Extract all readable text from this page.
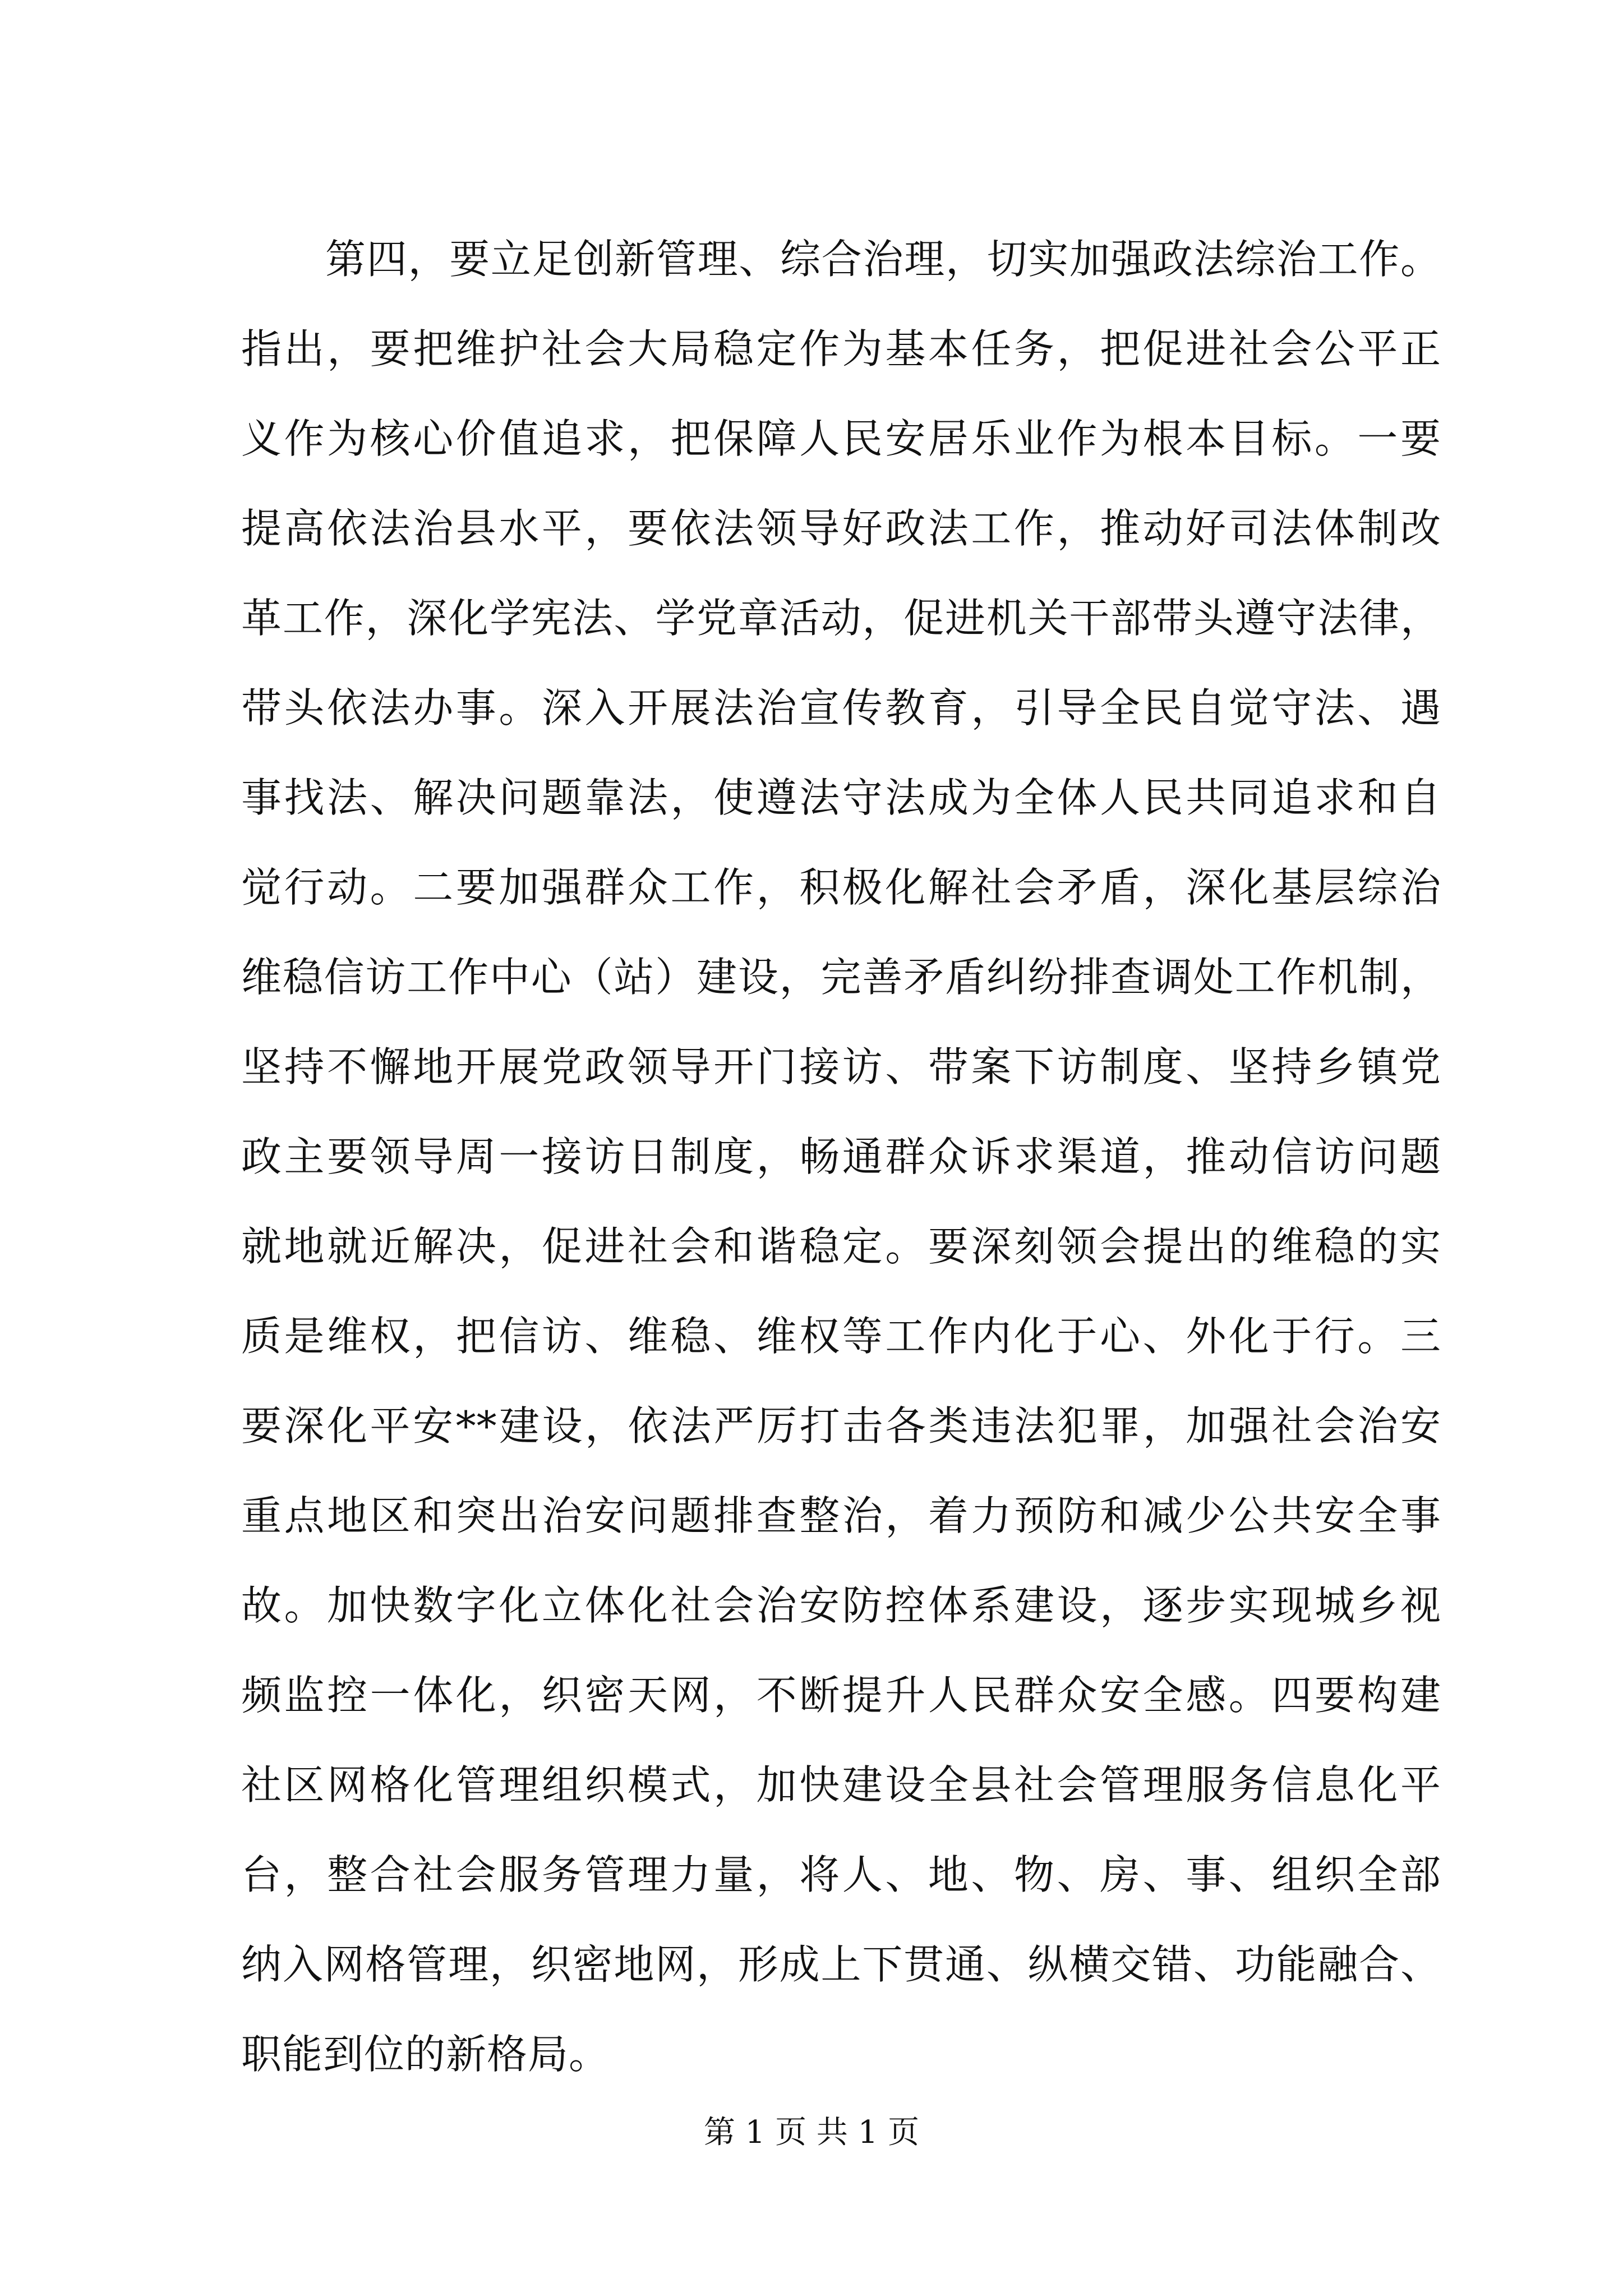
第四，要立足创新管理、综合治理，切实加强政法综治工作。
指出，要把维护社会大局稳定作为基本任务，把促进社会公平正
义作为核心价值追求，把保障人民安居乐业作为根本目标。一要
提高依法治县水平，要依法领导好政法工作，推动好司法体制改
革工作，深化学宪法、学党章活动，促进机关干部带头遵守法律，
带头依法办事。深入开展法治宣传教育，引导全民自觉守法、遇
事找法、解决问题靠法，使遵法守法成为全体人民共同追求和自
觉行动。二要加强群众工作，积极化解社会矛盾，深化基层综治
维稳信访工作中心（站）建设，完善矛盾纠纷排查调处工作机制，
坚持不懈地开展党政领导开门接访、带案下访制度、坚持乡镇党
政主要领导周一接访日制度，畅通群众诉求渠道，推动信访问题
就地就近解决，促进社会和谐稳定。要深刻领会提出的维稳的实
质是维权，把信访、维稳、维权等工作内化于心、外化于行。三
要深化平安**建设，依法严厉打击各类违法犯罪，加强社会治安
重点地区和突出治安问题排查整治，着力预防和减少公共安全事
故。加快数字化立体化社会治安防控体系建设，逐步实现城乡视
频监控一体化，织密天网，不断提升人民群众安全感。四要构建
社区网格化管理组织模式，加快建设全县社会管理服务信息化平
台，整合社会服务管理力量，将人、地、物、房、事、组织全部
纳入网格管理，织密地网，形成上下贯通、纵横交错、功能融合、
职能到位的新格局。
第 1 页 共 1 页
